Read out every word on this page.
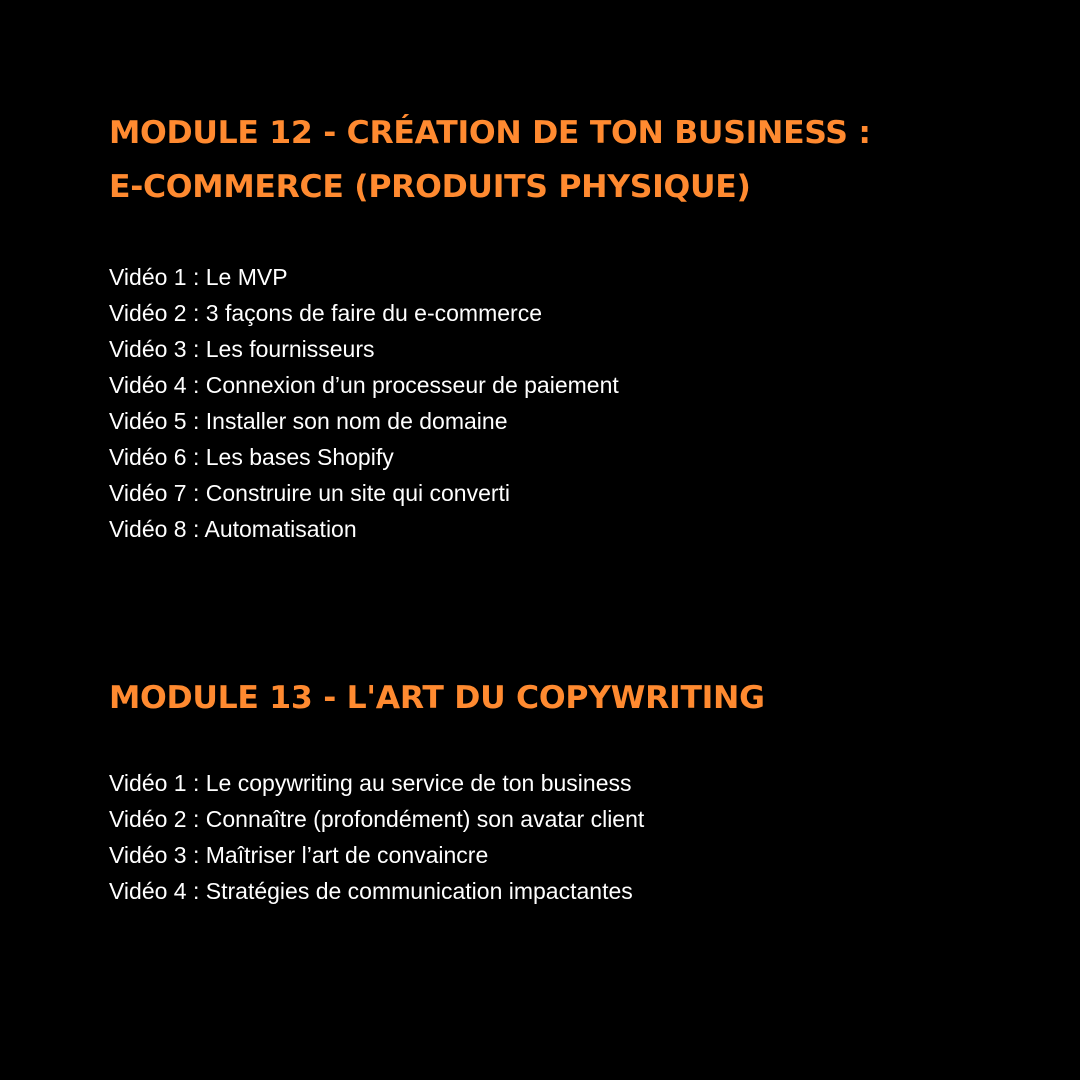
MODULE 12 - CRÉATION DE TON BUSINESS :
E-COMMERCE (PRODUITS PHYSIQUE)
Vidéo 1 : Le MVP
Vidéo 2 : 3 façons de faire du e-commerce
Vidéo 3 : Les fournisseurs
Vidéo 4 : Connexion d’un processeur de paiement
Vidéo 5 : Installer son nom de domaine
Vidéo 6 : Les bases Shopify
Vidéo 7 : Construire un site qui converti
Vidéo 8 : Automatisation
MODULE 13 - L'ART DU COPYWRITING
Vidéo 1 : Le copywriting au service de ton business
Vidéo 2 : Connaître (profondément) son avatar client
Vidéo 3 : Maîtriser l’art de convaincre
Vidéo 4 : Stratégies de communication impactantes
